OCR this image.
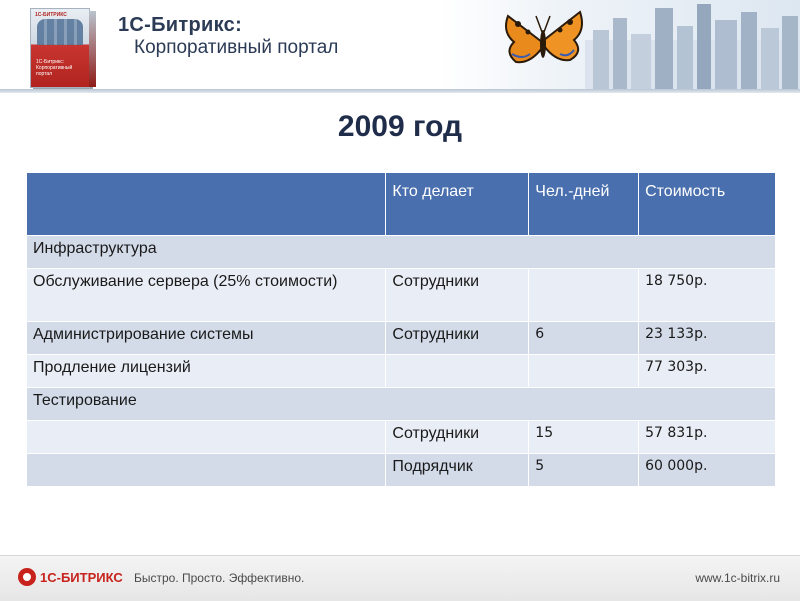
1С-БИТРИКС
1С-Битрикс: Корпоративный портал

1С-Битрикс:

Корпоративный портал

2009 год
	Кто делает	Чел.-дней	Стоимость
Инфраструктура			
Обслуживание сервера (25% стоимости)	Сотрудники		18 750р.
Администрирование системы	Сотрудники	6	23 133р.
Продление лицензий			77 303р.
Тестирование			
	Сотрудники	15	57 831р.
	Подрядчик	5	60 000р.
1С-БИТРИКС Быстро. Просто. Эффективно.	www.1c-bitrix.ru
